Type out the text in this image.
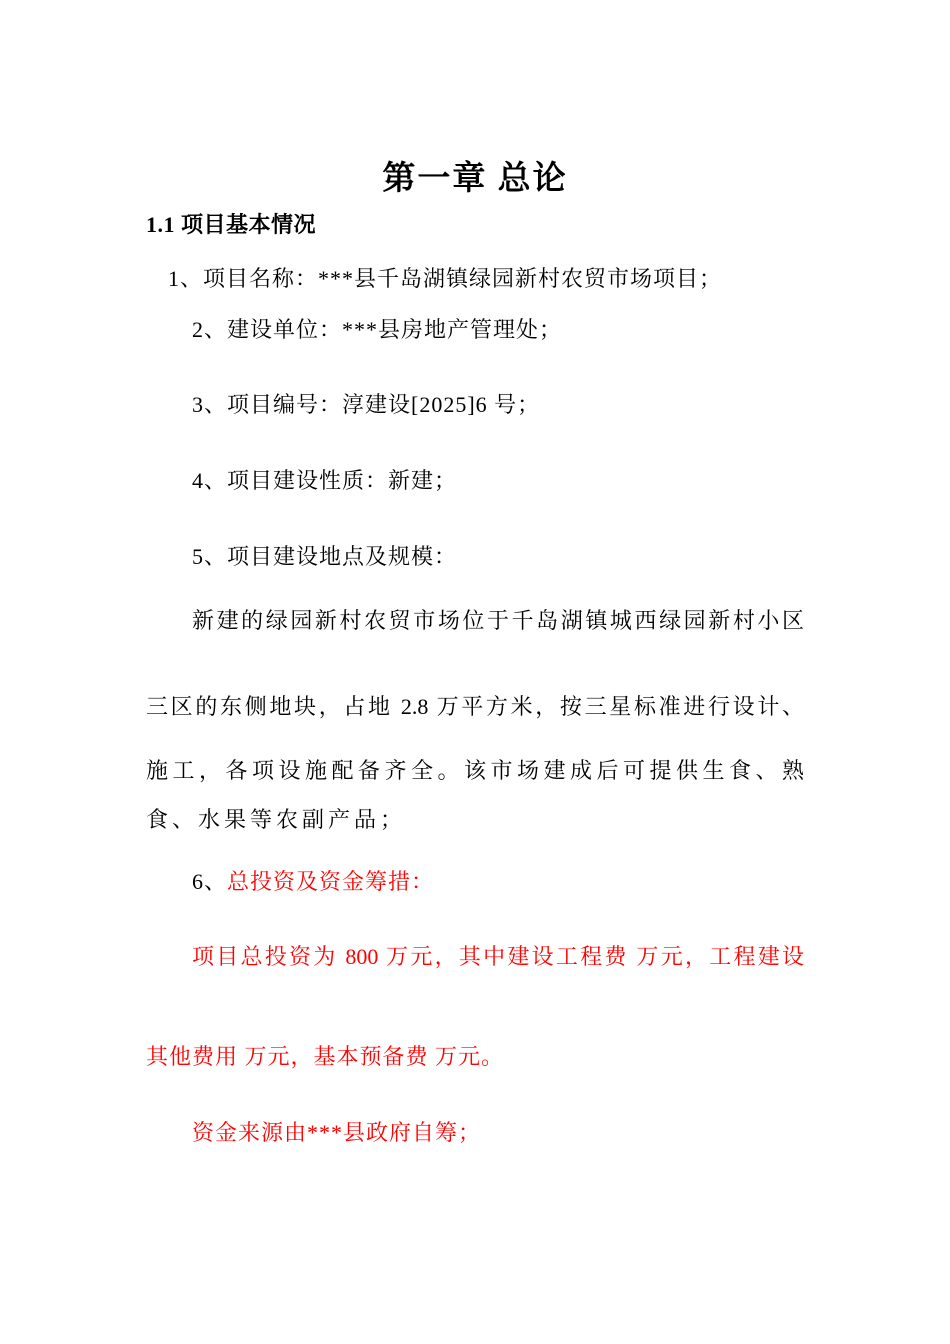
第一章 总论
1.1 项目基本情况
1、项目名称：***县千岛湖镇绿园新村农贸市场项目；
2、建设单位：***县房地产管理处；
3、项目编号：淳建设[2025]6 号；
4、项目建设性质：新建；
5、项目建设地点及规模：
新建的绿园新村农贸市场位于千岛湖镇城西绿园新村小区
三区的东侧地块，占地 2.8 万平方米，按三星标准进行设计、
施工，各项设施配备齐全。该市场建成后可提供生食、熟
食、水果等农副产品；
6、总投资及资金筹措：
项目总投资为 800 万元，其中建设工程费 万元，工程建设
其他费用 万元，基本预备费 万元。
资金来源由***县政府自筹；
